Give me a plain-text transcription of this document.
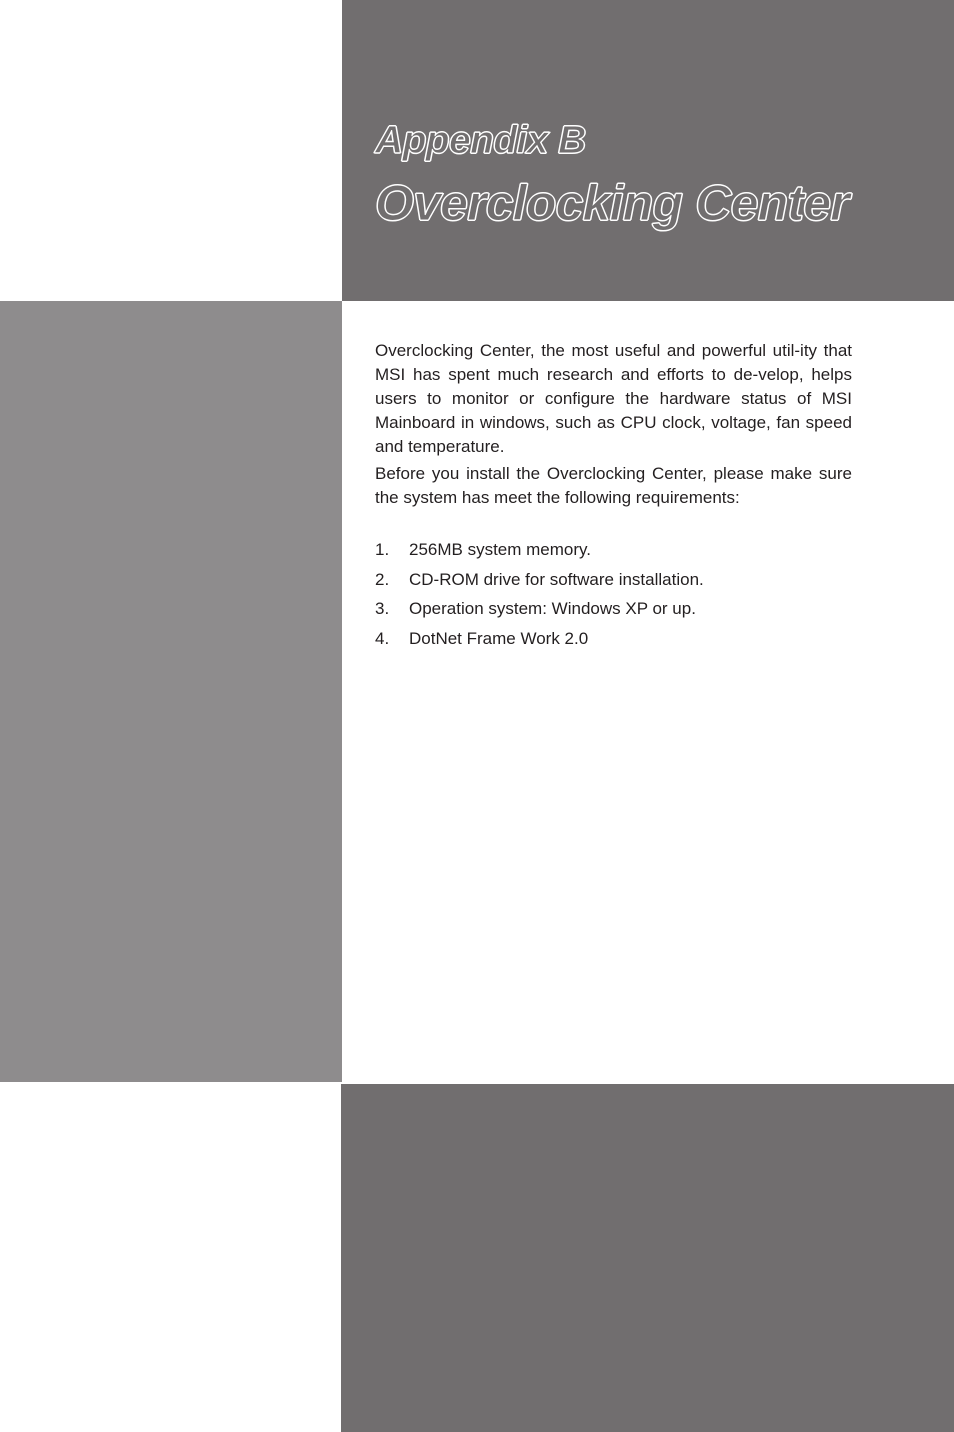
Appendix B
Overclocking Center

Overclocking Center, the most useful and powerful util-ity that MSI has spent much research and efforts to de-velop, helps users to monitor or configure the hardware status of MSI Mainboard in windows, such as CPU clock, voltage, fan speed and temperature.

Before you install the Overclocking Center, please make sure the system has meet the following requirements:

1.	256MB system memory.
2.	CD-ROM drive for software installation.
3.	Operation system: Windows XP or up.
4.	DotNet Frame Work 2.0
